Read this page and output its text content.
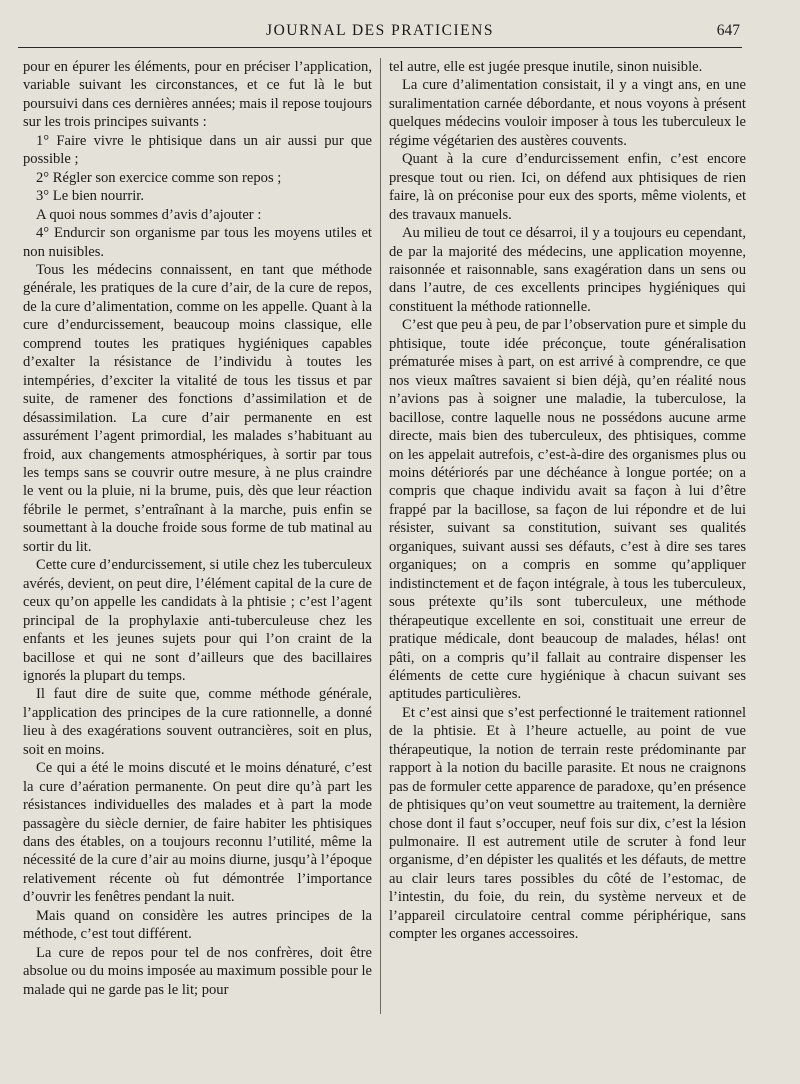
JOURNAL DES PRATICIENS	647

pour en épurer les éléments, pour en préciser l’application, variable suivant les circonstances, et ce fut là le but poursuivi dans ces dernières années; mais il repose toujours sur les trois principes suivants :

1° Faire vivre le phtisique dans un air aussi pur que possible ;

2° Régler son exercice comme son repos ;

3° Le bien nourrir.

A quoi nous sommes d’avis d’ajouter :

4° Endurcir son organisme par tous les moyens utiles et non nuisibles.

Tous les médecins connaissent, en tant que méthode générale, les pratiques de la cure d’air, de la cure de repos, de la cure d’alimentation, comme on les appelle. Quant à la cure d’endurcissement, beaucoup moins classique, elle comprend toutes les pratiques hygiéniques capables d’exalter la résistance de l’individu à toutes les intempéries, d’exciter la vitalité de tous les tissus et par suite, de ramener des fonctions d’assimilation et de désassimilation. La cure d’air permanente en est assurément l’agent primordial, les malades s’habituant au froid, aux changements atmosphériques, à sortir par tous les temps sans se couvrir outre mesure, à ne plus craindre le vent ou la pluie, ni la brume, puis, dès que leur réaction fébrile le permet, s’entraînant à la marche, puis enfin se soumettant à la douche froide sous forme de tub matinal au sortir du lit.

Cette cure d’endurcissement, si utile chez les tuberculeux avérés, devient, on peut dire, l’élément capital de la cure de ceux qu’on appelle les candidats à la phtisie ; c’est l’agent principal de la prophylaxie anti-tuberculeuse chez les enfants et les jeunes sujets pour qui l’on craint de la bacillose et qui ne sont d’ailleurs que des bacillaires ignorés la plupart du temps.

Il faut dire de suite que, comme méthode générale, l’application des principes de la cure rationnelle, a donné lieu à des exagérations souvent outrancières, soit en plus, soit en moins.

Ce qui a été le moins discuté et le moins dénaturé, c’est la cure d’aération permanente. On peut dire qu’à part les résistances individuelles des malades et à part la mode passagère du siècle dernier, de faire habiter les phtisiques dans des étables, on a toujours reconnu l’utilité, même la nécessité de la cure d’air au moins diurne, jusqu’à l’époque relativement récente où fut démontrée l’importance d’ouvrir les fenêtres pendant la nuit.

Mais quand on considère les autres principes de la méthode, c’est tout différent.

La cure de repos pour tel de nos confrères, doit être absolue ou du moins imposée au maximum possible pour le malade qui ne garde pas le lit; pour

tel autre, elle est jugée presque inutile, sinon nuisible.

La cure d’alimentation consistait, il y a vingt ans, en une suralimentation carnée débordante, et nous voyons à présent quelques médecins vouloir imposer à tous les tuberculeux le régime végétarien des austères couvents.

Quant à la cure d’endurcissement enfin, c’est encore presque tout ou rien. Ici, on défend aux phtisiques de rien faire, là on préconise pour eux des sports, même violents, et des travaux manuels.

Au milieu de tout ce désarroi, il y a toujours eu cependant, de par la majorité des médecins, une application moyenne, raisonnée et raisonnable, sans exagération dans un sens ou dans l’autre, de ces excellents principes hygiéniques qui constituent la méthode rationnelle.

C’est que peu à peu, de par l’observation pure et simple du phtisique, toute idée préconçue, toute généralisation prématurée mises à part, on est arrivé à comprendre, ce que nos vieux maîtres savaient si bien déjà, qu’en réalité nous n’avions pas à soigner une maladie, la tuberculose, la bacillose, contre laquelle nous ne possédons aucune arme directe, mais bien des tuberculeux, des phtisiques, comme on les appelait autrefois, c’est-à-dire des organismes plus ou moins détériorés par une déchéance à longue portée; on a compris que chaque individu avait sa façon à lui d’être frappé par la bacillose, sa façon de lui répondre et de lui résister, suivant sa constitution, suivant ses qualités organiques, suivant aussi ses défauts, c’est à dire ses tares organiques; on a compris en somme qu’appliquer indistinctement et de façon intégrale, à tous les tuberculeux, sous prétexte qu’ils sont tuberculeux, une méthode thérapeutique excellente en soi, constituait une erreur de pratique médicale, dont beaucoup de malades, hélas! ont pâti, on a compris qu’il fallait au contraire dispenser les éléments de cette cure hygiénique à chacun suivant ses aptitudes particulières.

Et c’est ainsi que s’est perfectionné le traitement rationnel de la phtisie. Et à l’heure actuelle, au point de vue thérapeutique, la notion de terrain reste prédominante par rapport à la notion du bacille parasite. Et nous ne craignons pas de formuler cette apparence de paradoxe, qu’en présence de phtisiques qu’on veut soumettre au traitement, la dernière chose dont il faut s’occuper, neuf fois sur dix, c’est la lésion pulmonaire. Il est autrement utile de scruter à fond leur organisme, d’en dépister les qualités et les défauts, de mettre au clair leurs tares possibles du côté de l’estomac, de l’intestin, du foie, du rein, du système nerveux et de l’appareil circulatoire central comme périphérique, sans compter les organes accessoires.
